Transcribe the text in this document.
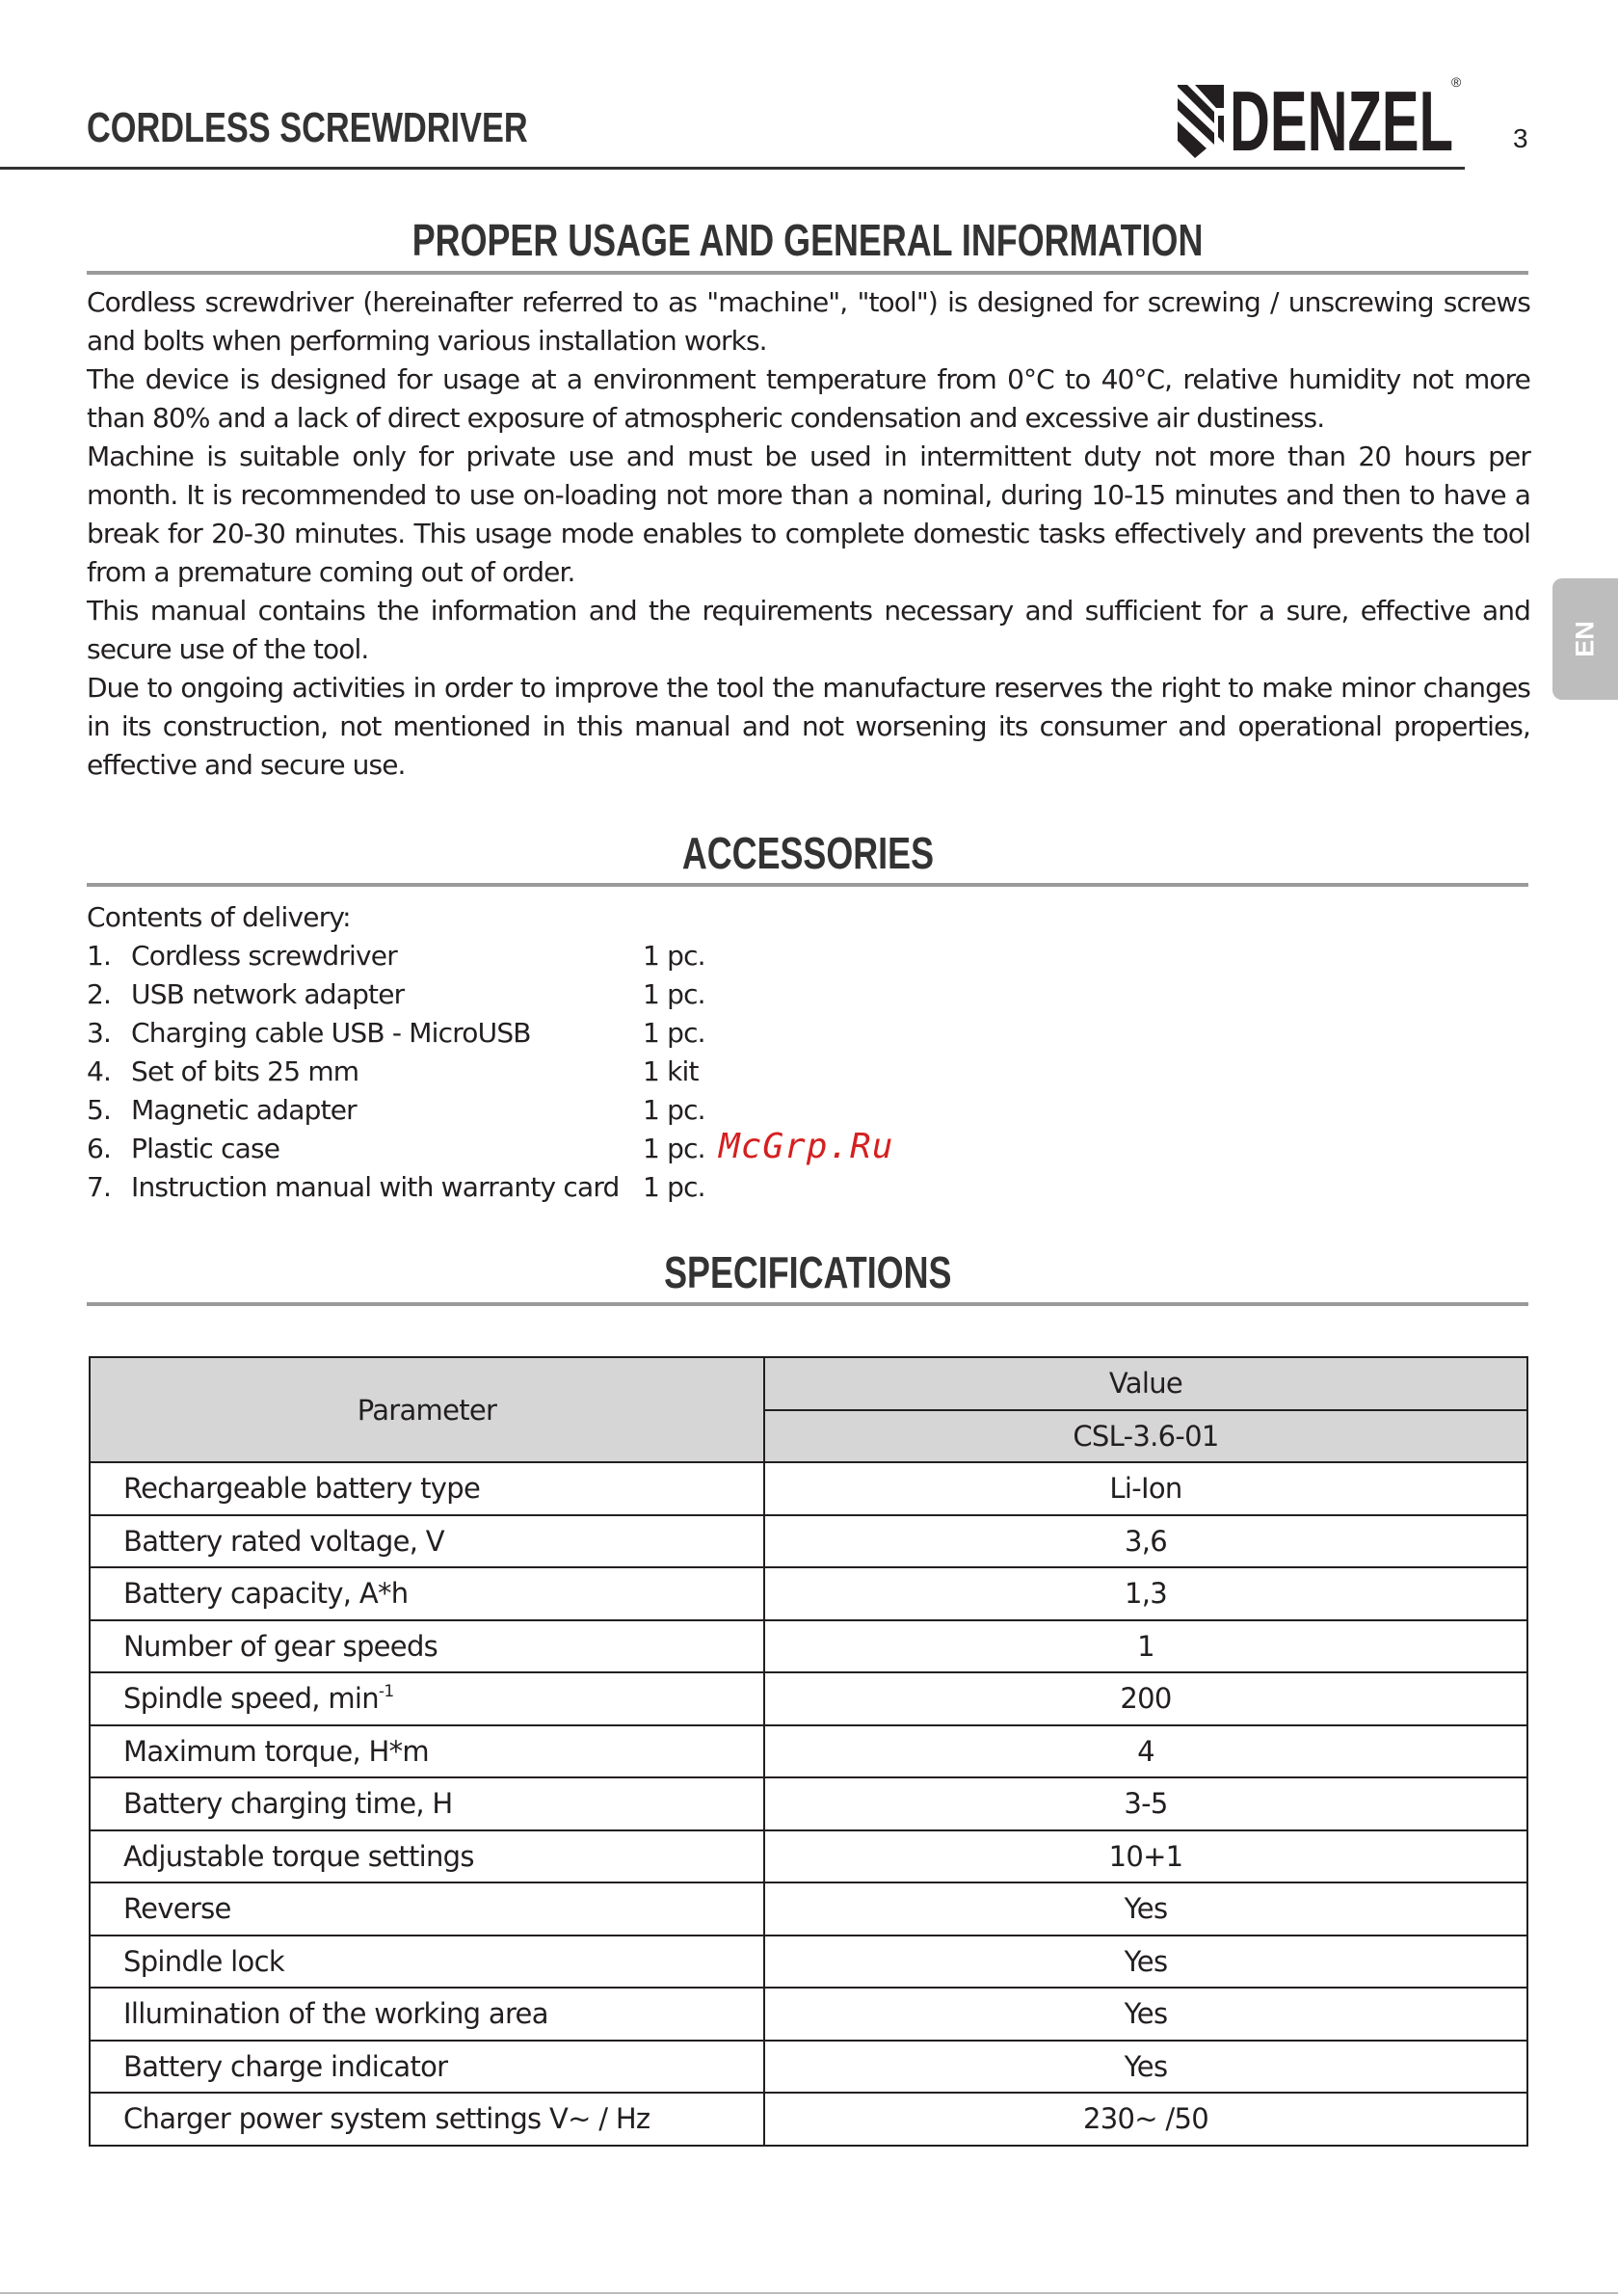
CORDLESS SCREWDRIVER	DENZEL
®
3
EN
PROPER USAGE AND GENERAL INFORMATION

Cordless screwdriver (hereinafter referred to as "machine", "tool") is designed for screwing / unscrewing screws and bolts when performing various installation works.

The device is designed for usage at a environment temperature from 0°C to 40°C, relative humidity not more than 80% and a lack of direct exposure of atmospheric condensation and excessive air dustiness.

Machine is suitable only for private use and must be used in intermittent duty not more than 20 hours per month. It is recommended to use on-loading not more than a nominal, during 10-15 minutes and then to have a break for 20-30 minutes. This usage mode enables to complete domestic tasks effectively and prevents the tool from a premature coming out of order.

This manual contains the information and the requirements necessary and sufficient for a sure, effective and secure use of the tool.

Due to ongoing activities in order to improve the tool the manufacture reserves the right to make minor changes in its construction, not mentioned in this manual and not worsening its consumer and operational properties, effective and secure use.

ACCESSORIES
Contents of delivery:
1. Cordless screwdriver	1 pc.
2. USB network adapter	1 pc.
3. Charging cable USB - MicroUSB	1 pc.
4. Set of bits 25 mm	1 kit
5. Magnetic adapter	1 pc.
6. Plastic case	1 pc.
7. Instruction manual with warranty card 1 pc.
McGrp.Ru
SPECIFICATIONS
Parameter	Value
	CSL-3.6-01
Rechargeable battery type	Li-Ion
Battery rated voltage, V	3,6
Battery capacity, A*h	1,3
Number of gear speeds	1
Spindle speed, $\min^{-1}$	200
Maximum torque, H*m	4
Battery charging time, H	3-5
Adjustable torque settings	10+1
Reverse	Yes
Spindle lock	Yes
Illumination of the working area	Yes
Battery charge indicator	Yes
Charger power system settings V~ / Hz	230~ /50
